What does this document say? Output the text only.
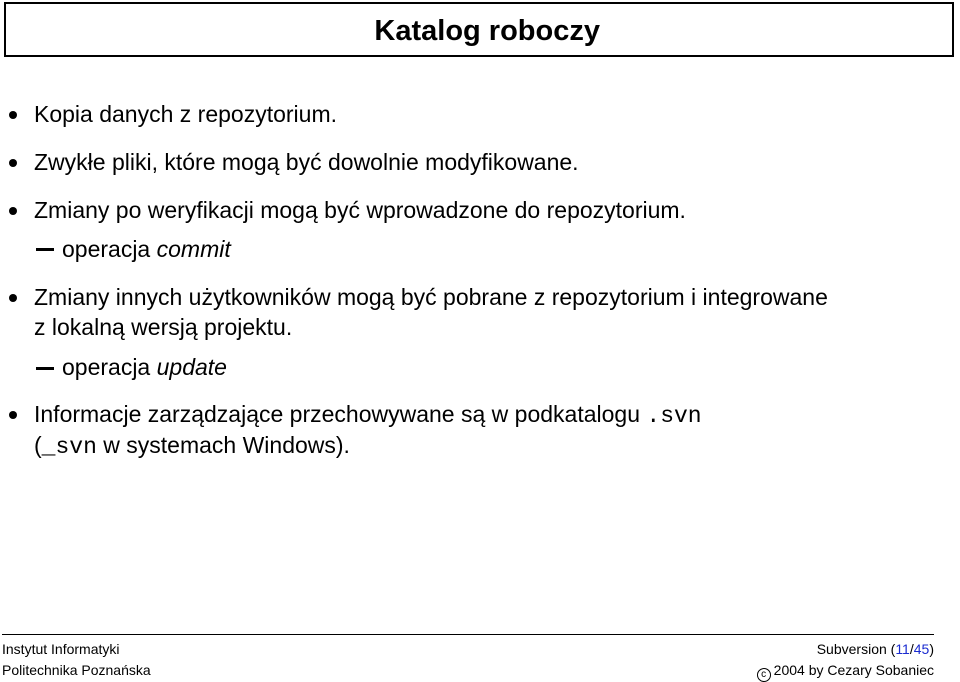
Katalog roboczy
Kopia danych z repozytorium.
Zwykłe pliki, które mogą być dowolnie modyfikowane.
Zmiany po weryfikacji mogą być wprowadzone do repozytorium.
operacja commit
Zmiany innych użytkowników mogą być pobrane z repozytorium i integrowane
z lokalną wersją projektu.
operacja update
Informacje zarządzające przechowywane są w podkatalogu .svn
(_svn w systemach Windows).
Instytut Informatyki
Politechnika Poznańska
Subversion (11/45)
c 2004 by Cezary Sobaniec
